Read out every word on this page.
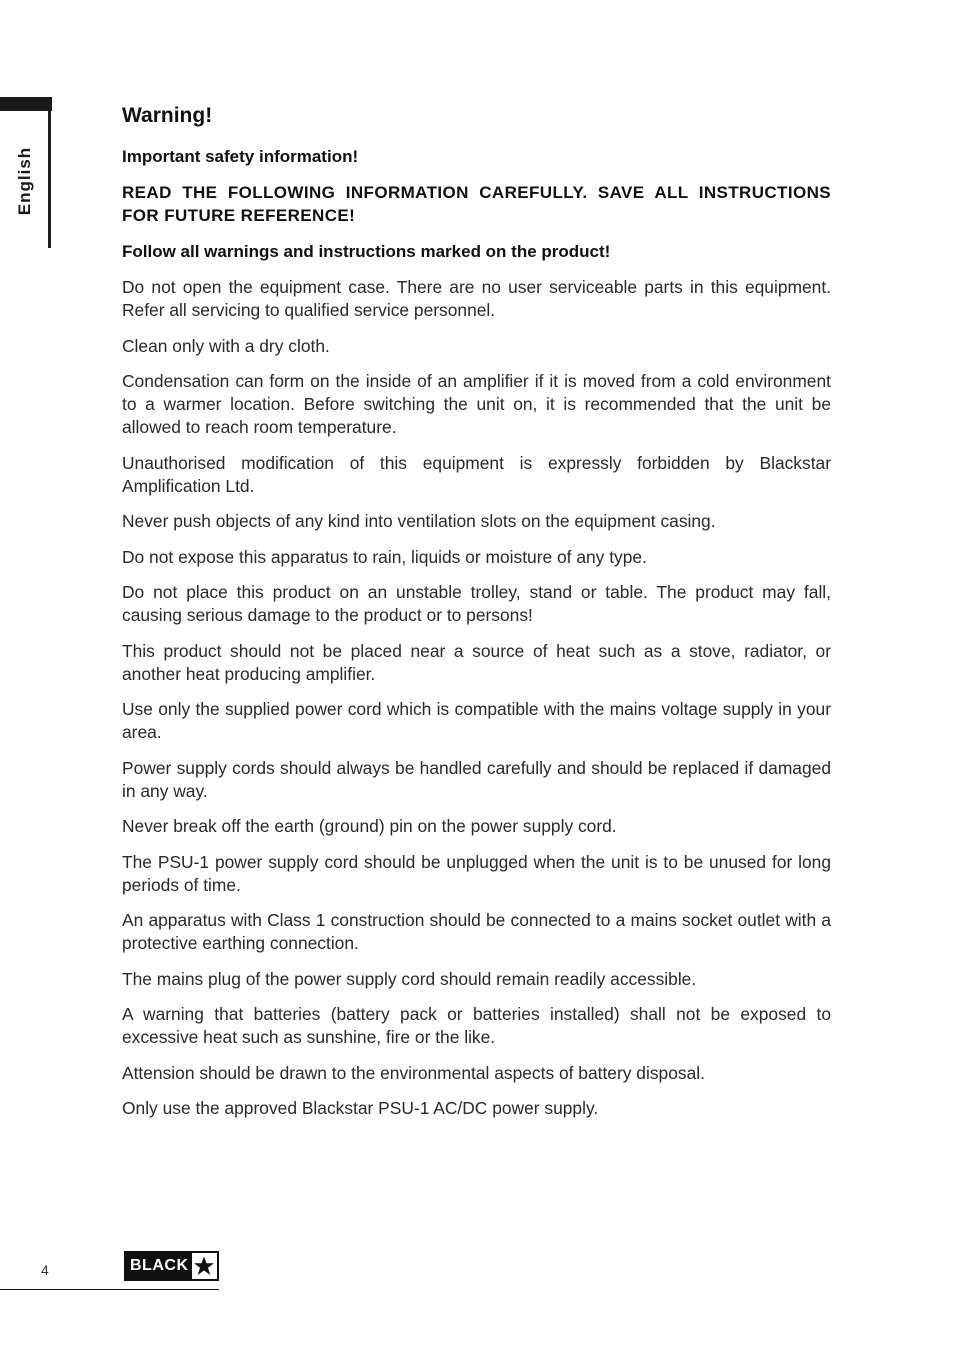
English
Warning!

Important safety information!

READ THE FOLLOWING INFORMATION CAREFULLY. SAVE ALL INSTRUCTIONS FOR FUTURE REFERENCE!

Follow all warnings and instructions marked on the product!

Do not open the equipment case. There are no user serviceable parts in this equipment. Refer all servicing to qualified service personnel.

Clean only with a dry cloth.

Condensation can form on the inside of an amplifier if it is moved from a cold environment to a warmer location. Before switching the unit on, it is recommended that the unit be allowed to reach room temperature.

Unauthorised modification of this equipment is expressly forbidden by Blackstar Amplification Ltd.

Never push objects of any kind into ventilation slots on the equipment casing.

Do not expose this apparatus to rain, liquids or moisture of any type.

Do not place this product on an unstable trolley, stand or table. The product may fall, causing serious damage to the product or to persons!

This product should not be placed near a source of heat such as a stove, radiator, or another heat producing amplifier.

Use only the supplied power cord which is compatible with the mains voltage supply in your area.

Power supply cords should always be handled carefully and should be replaced if damaged in any way.

Never break off the earth (ground) pin on the power supply cord.

The PSU-1 power supply cord should be unplugged when the unit is to be unused for long periods of time.

An apparatus with Class 1 construction should be connected to a mains socket outlet with a protective earthing connection.

The mains plug of the power supply cord should remain readily accessible.

A warning that batteries (battery pack or batteries installed) shall not be exposed to excessive heat such as sunshine, fire or the like.

Attension should be drawn to the environmental aspects of battery disposal.

Only use the approved Blackstar PSU-1 AC/DC power supply.

4	BLACK
